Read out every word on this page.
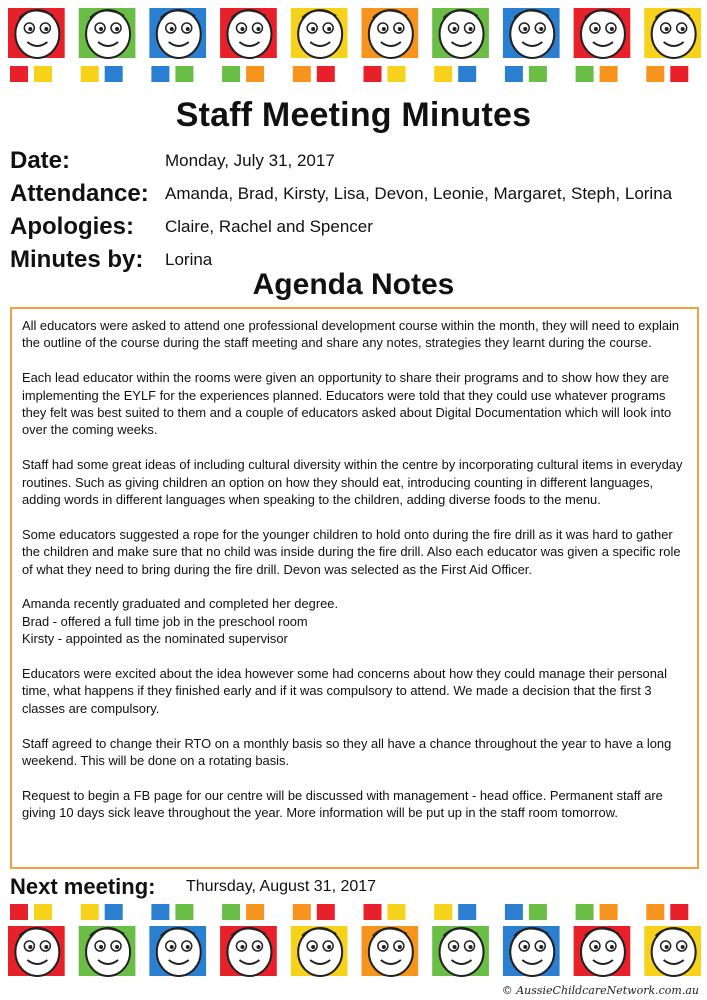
Staff Meeting Minutes
Date:	Monday, July 31, 2017
Attendance: Amanda, Brad, Kirsty, Lisa, Devon, Leonie, Margaret, Steph, Lorina
Apologies: Claire, Rachel and Spencer
Minutes by: Lorina
Agenda Notes

All educators were asked to attend one professional development course within the month, they will need to explain the outline of the course during the staff meeting and share any notes, strategies they learnt during the course.

Each lead educator within the rooms were given an opportunity to share their programs and to show how they are implementing the EYLF for the experiences planned. Educators were told that they could use whatever programs they felt was best suited to them and a couple of educators asked about Digital Documentation which will look into over the coming weeks.

Staff had some great ideas of including cultural diversity within the centre by incorporating cultural items in everyday routines. Such as giving children an option on how they should eat, introducing counting in different languages, adding words in different languages when speaking to the children, adding diverse foods to the menu.

Some educators suggested a rope for the younger children to hold onto during the fire drill as it was hard to gather the children and make sure that no child was inside during the fire drill. Also each educator was given a specific role of what they need to bring during the fire drill. Devon was selected as the First Aid Officer.

Amanda recently graduated and completed her degree.
Brad - offered a full time job in the preschool room
Kirsty - appointed as the nominated supervisor

Educators were excited about the idea however some had concerns about how they could manage their personal time, what happens if they finished early and if it was compulsory to attend. We made a decision that the first 3 classes are compulsory.

Staff agreed to change their RTO on a monthly basis so they all have a chance throughout the year to have a long weekend. This will be done on a rotating basis.

Request to begin a FB page for our centre will be discussed with management - head office. Permanent staff are giving 10 days sick leave throughout the year. More information will be put up in the staff room tomorrow.

Next meeting: Thursday, August 31, 2017
© AussieChildcareNetwork.com.au
